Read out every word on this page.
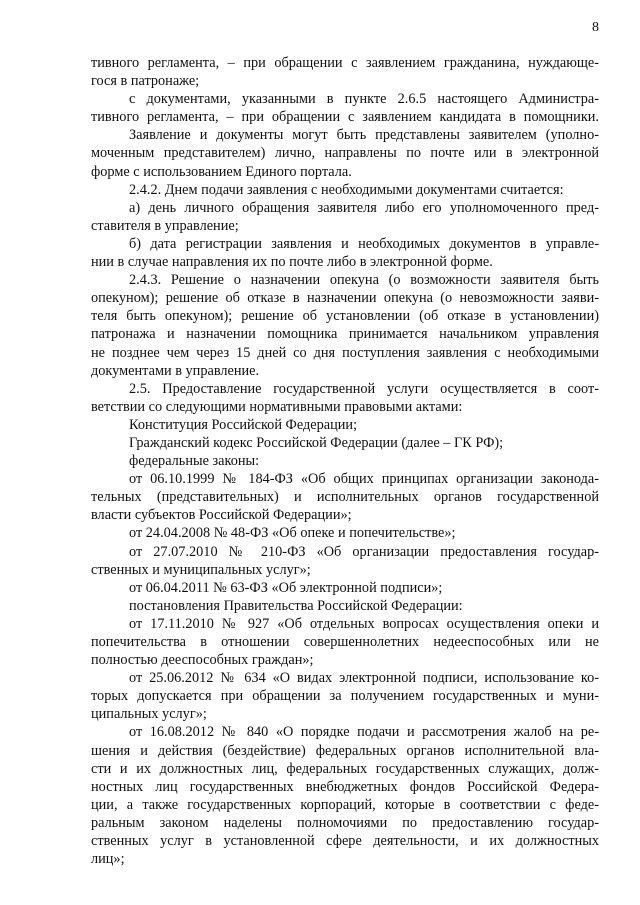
8
тивного регламента, – при обращении с заявлением гражданина, нуждающе-
гося в патронаже;
с документами, указанными в пункте 2.6.5 настоящего Администра-
тивного регламента, – при обращении с заявлением кандидата в помощники.
Заявление и документы могут быть представлены заявителем (уполно-
моченным представителем) лично, направлены по почте или в электронной
форме с использованием Единого портала.
2.4.2. Днем подачи заявления с необходимыми документами считается:
а) день личного обращения заявителя либо его уполномоченного пред-
ставителя в управление;
б) дата регистрации заявления и необходимых документов в управле-
нии в случае направления их по почте либо в электронной форме.
2.4.3. Решение о назначении опекуна (о возможности заявителя быть
опекуном); решение об отказе в назначении опекуна (о невозможности заяви-
теля быть опекуном); решение об установлении (об отказе в установлении)
патронажа и назначении помощника принимается начальником управления
не позднее чем через 15 дней со дня поступления заявления с необходимыми
документами в управление.
2.5. Предоставление государственной услуги осуществляется в соот-
ветствии со следующими нормативными правовыми актами:
Конституция Российской Федерации;
Гражданский кодекс Российской Федерации (далее – ГК РФ);
федеральные законы:
от 06.10.1999 № 184-ФЗ «Об общих принципах организации законода-
тельных (представительных) и исполнительных органов государственной
власти субъектов Российской Федерации»;
от 24.04.2008 № 48-ФЗ «Об опеке и попечительстве»;
от 27.07.2010 № 210-ФЗ «Об организации предоставления государ-
ственных и муниципальных услуг»;
от 06.04.2011 № 63-ФЗ «Об электронной подписи»;
постановления Правительства Российской Федерации:
от 17.11.2010 № 927 «Об отдельных вопросах осуществления опеки и
попечительства в отношении совершеннолетних недееспособных или не
полностью дееспособных граждан»;
от 25.06.2012 № 634 «О видах электронной подписи, использование ко-
торых допускается при обращении за получением государственных и муни-
ципальных услуг»;
от 16.08.2012 № 840 «О порядке подачи и рассмотрения жалоб на ре-
шения и действия (бездействие) федеральных органов исполнительной вла-
сти и их должностных лиц, федеральных государственных служащих, долж-
ностных лиц государственных внебюджетных фондов Российской Федера-
ции, а также государственных корпораций, которые в соответствии с феде-
ральным законом наделены полномочиями по предоставлению государ-
ственных услуг в установленной сфере деятельности, и их должностных
лиц»;
